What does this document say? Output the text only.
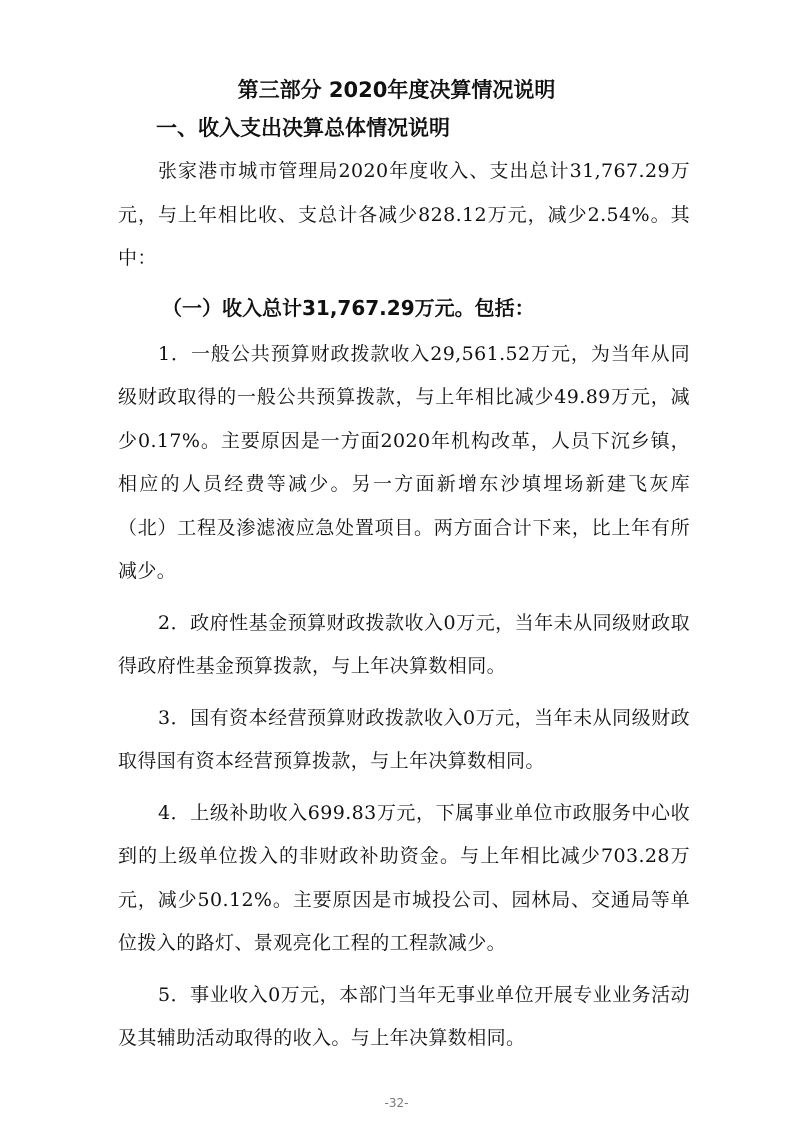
第三部分 2020年度决算情况说明
一、收入支出决算总体情况说明

张家港市城市管理局2020年度收入、支出总计31,767.29万元，与上年相比收、支总计各减少828.12万元，减少2.54%。其中：

（一）收入总计31,767.29万元。包括：

1．一般公共预算财政拨款收入29,561.52万元，为当年从同级财政取得的一般公共预算拨款，与上年相比减少49.89万元，减少0.17%。主要原因是一方面2020年机构改革，人员下沉乡镇，相应的人员经费等减少。另一方面新增东沙填埋场新建飞灰库（北）工程及渗滤液应急处置项目。两方面合计下来，比上年有所减少。

2．政府性基金预算财政拨款收入0万元，当年未从同级财政取得政府性基金预算拨款，与上年决算数相同。

3．国有资本经营预算财政拨款收入0万元，当年未从同级财政取得国有资本经营预算拨款，与上年决算数相同。

4．上级补助收入699.83万元，下属事业单位市政服务中心收到的上级单位拨入的非财政补助资金。与上年相比减少703.28万元，减少50.12%。主要原因是市城投公司、园林局、交通局等单位拨入的路灯、景观亮化工程的工程款减少。

5．事业收入0万元，本部门当年无事业单位开展专业业务活动及其辅助活动取得的收入。与上年决算数相同。

-32-
